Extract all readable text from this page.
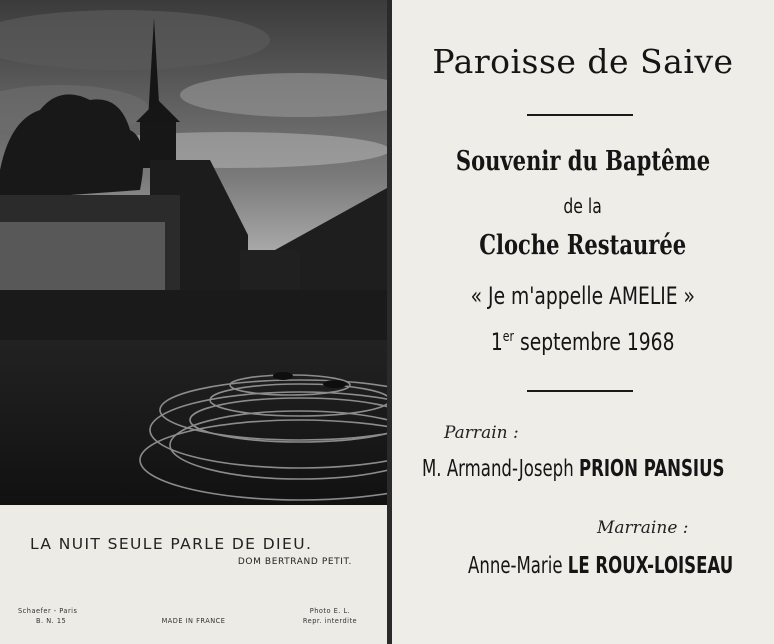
LA NUIT SEULE PARLE DE DIEU.
DOM BERTRAND PETIT.
Schaefer - Paris
B. N. 15	MADE IN FRANCE
Photo E. L.
Repr. interdite
Paroisse de Saive
Souvenir du Baptême
de la
Cloche Restaurée
« Je m'appelle AMELIE »
1er septembre 1968
Parrain :
M. Armand-Joseph PRION PANSIUS
Marraine :
Anne-Marie LE ROUX-LOISEAU
